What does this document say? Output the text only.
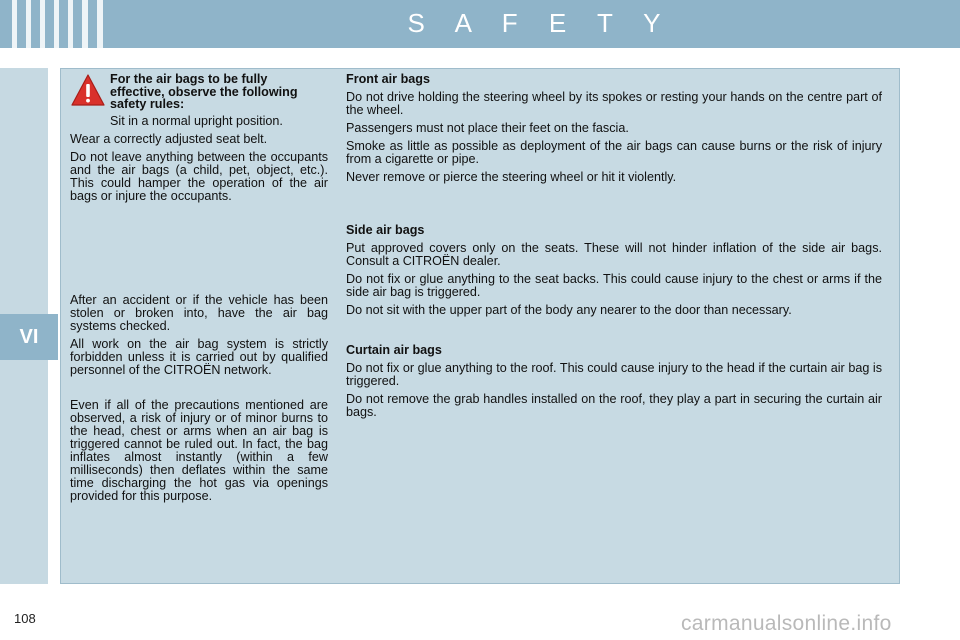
S A F E T Y
VI
For the air bags to be fully effective, observe the following safety rules:

Sit in a normal upright position.

Wear a correctly adjusted seat belt.

Do not leave anything between the occupants and the air bags (a child, pet, object, etc.). This could hamper the operation of the air bags or injure the occupants.

After an accident or if the vehicle has been stolen or broken into, have the air bag systems checked.

All work on the air bag system is strictly forbidden unless it is carried out by qualified personnel of the CITROËN network.

Even if all of the precautions mentioned are observed, a risk of injury or of minor burns to the head, chest or arms when an air bag is triggered cannot be ruled out. In fact, the bag inflates almost instantly (within a few milliseconds) then deflates within the same time discharging the hot gas via openings provided for this purpose.

Front air bags

Do not drive holding the steering wheel by its spokes or resting your hands on the centre part of the wheel.

Passengers must not place their feet on the fascia.

Smoke as little as possible as deployment of the air bags can cause burns or the risk of injury from a cigarette or pipe.

Never remove or pierce the steering wheel or hit it violently.

Side air bags

Put approved covers only on the seats. These will not hinder inflation of the side air bags. Consult a CITROËN dealer.

Do not fix or glue anything to the seat backs. This could cause injury to the chest or arms if the side air bag is triggered.

Do not sit with the upper part of the body any nearer to the door than necessary.

Curtain air bags

Do not fix or glue anything to the roof. This could cause injury to the head if the curtain air bag is triggered.

Do not remove the grab handles installed on the roof, they play a part in securing the curtain air bags.

108	carmanualsonline.info
